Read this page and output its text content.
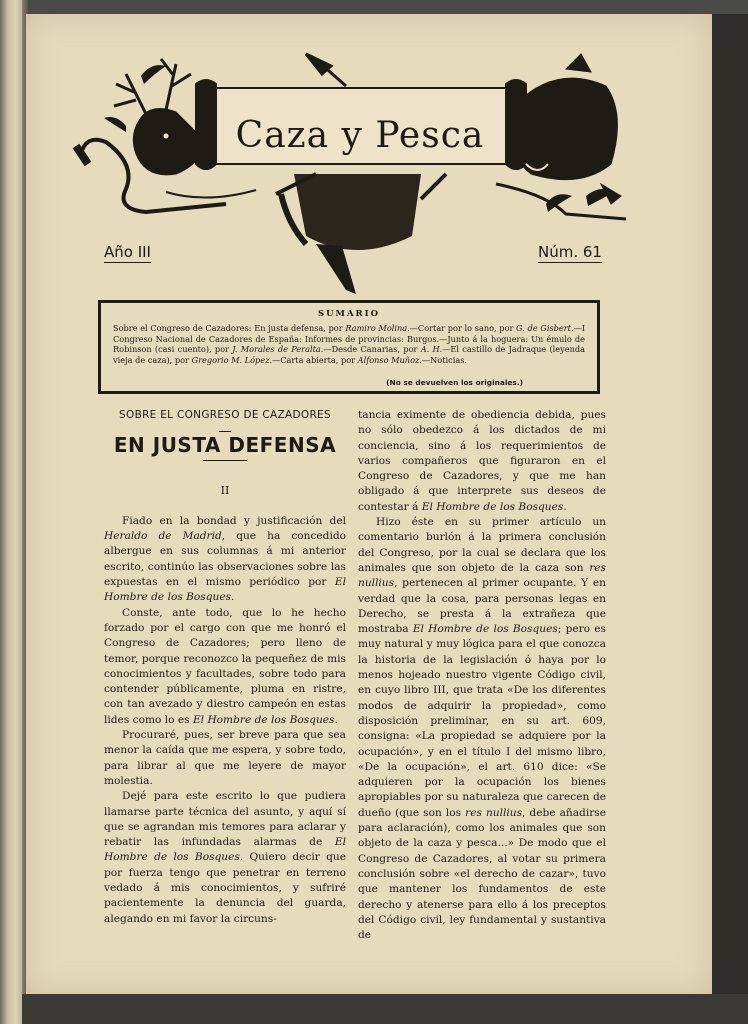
Caza y Pesca
Año III	Núm. 61
SUMARIO
Sobre el Congreso de Cazadores: En justa defensa, por Ramiro Molina.—Cortar por lo sano, por G. de Gisbert.—I Congreso Nacional de Cazadores de España: Informes de provincias: Burgos.—Junto á la hoguera: Un émulo de Robinson (casi cuento), por J. Morales de Peralta.—Desde Canarias, por A. H.—El castillo de Jadraque (leyenda vieja de caza), por Gregorio M. López.—Carta abierta, por Alfonso Muñoz.—Noticias.
(No se devuelven los originales.)
SOBRE EL CONGRESO DE CAZADORES
EN JUSTA DEFENSA
II

Fiado en la bondad y justificación del Heraldo de Madrid, que ha concedido albergue en sus columnas á mi anterior escrito, continúo las observaciones sobre las expuestas en el mismo periódico por El Hombre de los Bosques.

Conste, ante todo, que lo he hecho forzado por el cargo con que me honró el Congreso de Cazadores; pero lleno de temor, porque reconozco la pequeñez de mis conocimientos y facultades, sobre todo para contender públicamente, pluma en ristre, con tan avezado y diestro campeón en estas lides como lo es El Hombre de los Bosques.

Procuraré, pues, ser breve para que sea menor la caída que me espera, y sobre todo, para librar al que me leyere de mayor molestia.

Dejé para este escrito lo que pudiera llamarse parte técnica del asunto, y aquí sí que se agrandan mis temores para aclarar y rebatir las infundadas alarmas de El Hombre de los Bosques. Quiero decir que por fuerza tengo que penetrar en terreno vedado á mis conocimientos, y sufriré pacientemente la denuncia del guarda, alegando en mi favor la circuns-

tancia eximente de obediencia debida, pues no sólo obedezco á los dictados de mi conciencia, sino á los requerimientos de varios compañeros que figuraron en el Congreso de Cazadores, y que me han obligado á que interprete sus deseos de contestar á El Hombre de los Bosques.

Hizo éste en su primer artículo un comentario burlón á la primera conclusión del Congreso, por la cual se declara que los animales que son objeto de la caza son res nullius, pertenecen al primer ocupante. Y en verdad que la cosa, para personas legas en Derecho, se presta á la extrañeza que mostraba El Hombre de los Bosques; pero es muy natural y muy lógica para el que conozca la historia de la legislación ó haya por lo menos hojeado nuestro vigente Código civil, en cuyo libro III, que trata «De los diferentes modos de adquirir la propiedad», como disposición preliminar, en su art. 609, consigna: «La propiedad se adquiere por la ocupación», y en el título I del mismo libro, «De la ocupación», el art. 610 dice: «Se adquieren por la ocupación los bienes apropiables por su naturaleza que carecen de dueño (que son los res nullius, debe añadirse para aclaración), como los animales que son objeto de la caza y pesca...» De modo que el Congreso de Cazadores, al votar su primera conclusión sobre «el derecho de cazar», tuvo que mantener los fundamentos de este derecho y atenerse para ello á los preceptos del Código civil, ley fundamental y sustantiva de
